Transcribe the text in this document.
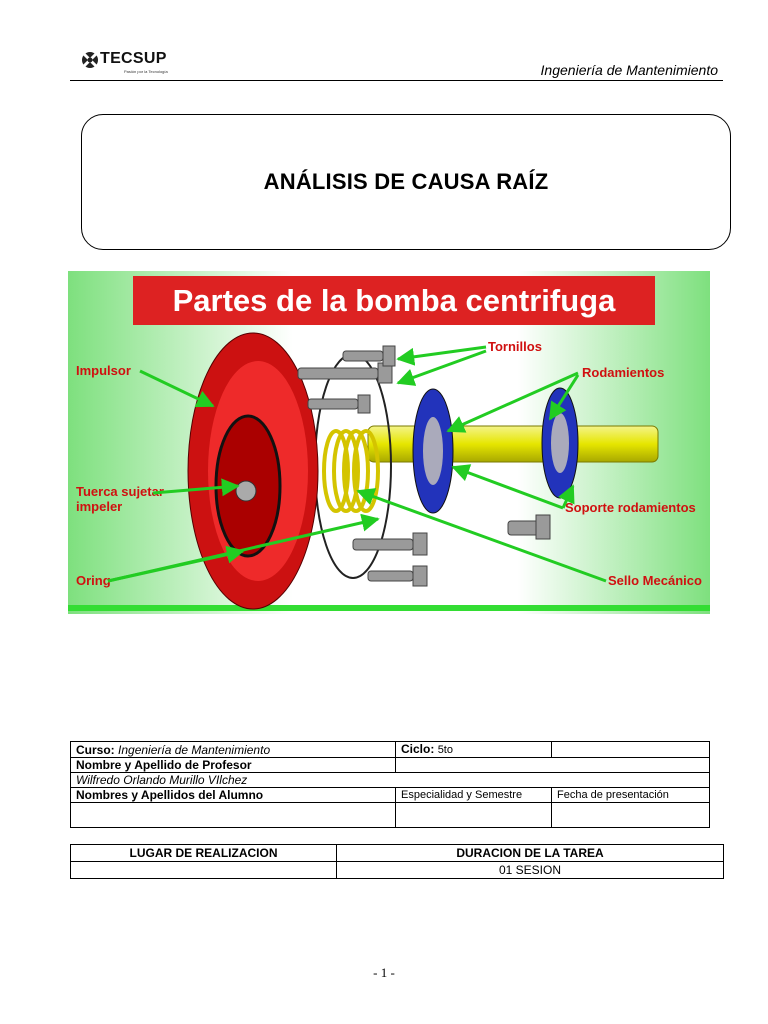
TECSUP
Pasión por la Tecnología	Ingeniería de Mantenimiento
ANÁLISIS DE CAUSA RAÍZ
Partes de la bomba centrifuga
Impulsor
Tornillos
Rodamientos
Soporte rodamientos
Oring	Sello Mecánico
Tuerca sujetar impeler
Curso: Ingeniería de Mantenimiento	Ciclo: 5to	
Nombre y Apellido de Profesor		
Wilfredo Orlando Murillo VIlchez		
Nombres y Apellidos del Alumno	Especialidad y Semestre	Fecha de presentación

LUGAR DE REALIZACION	DURACION DE LA TAREA
	01 SESION
- 1 -
